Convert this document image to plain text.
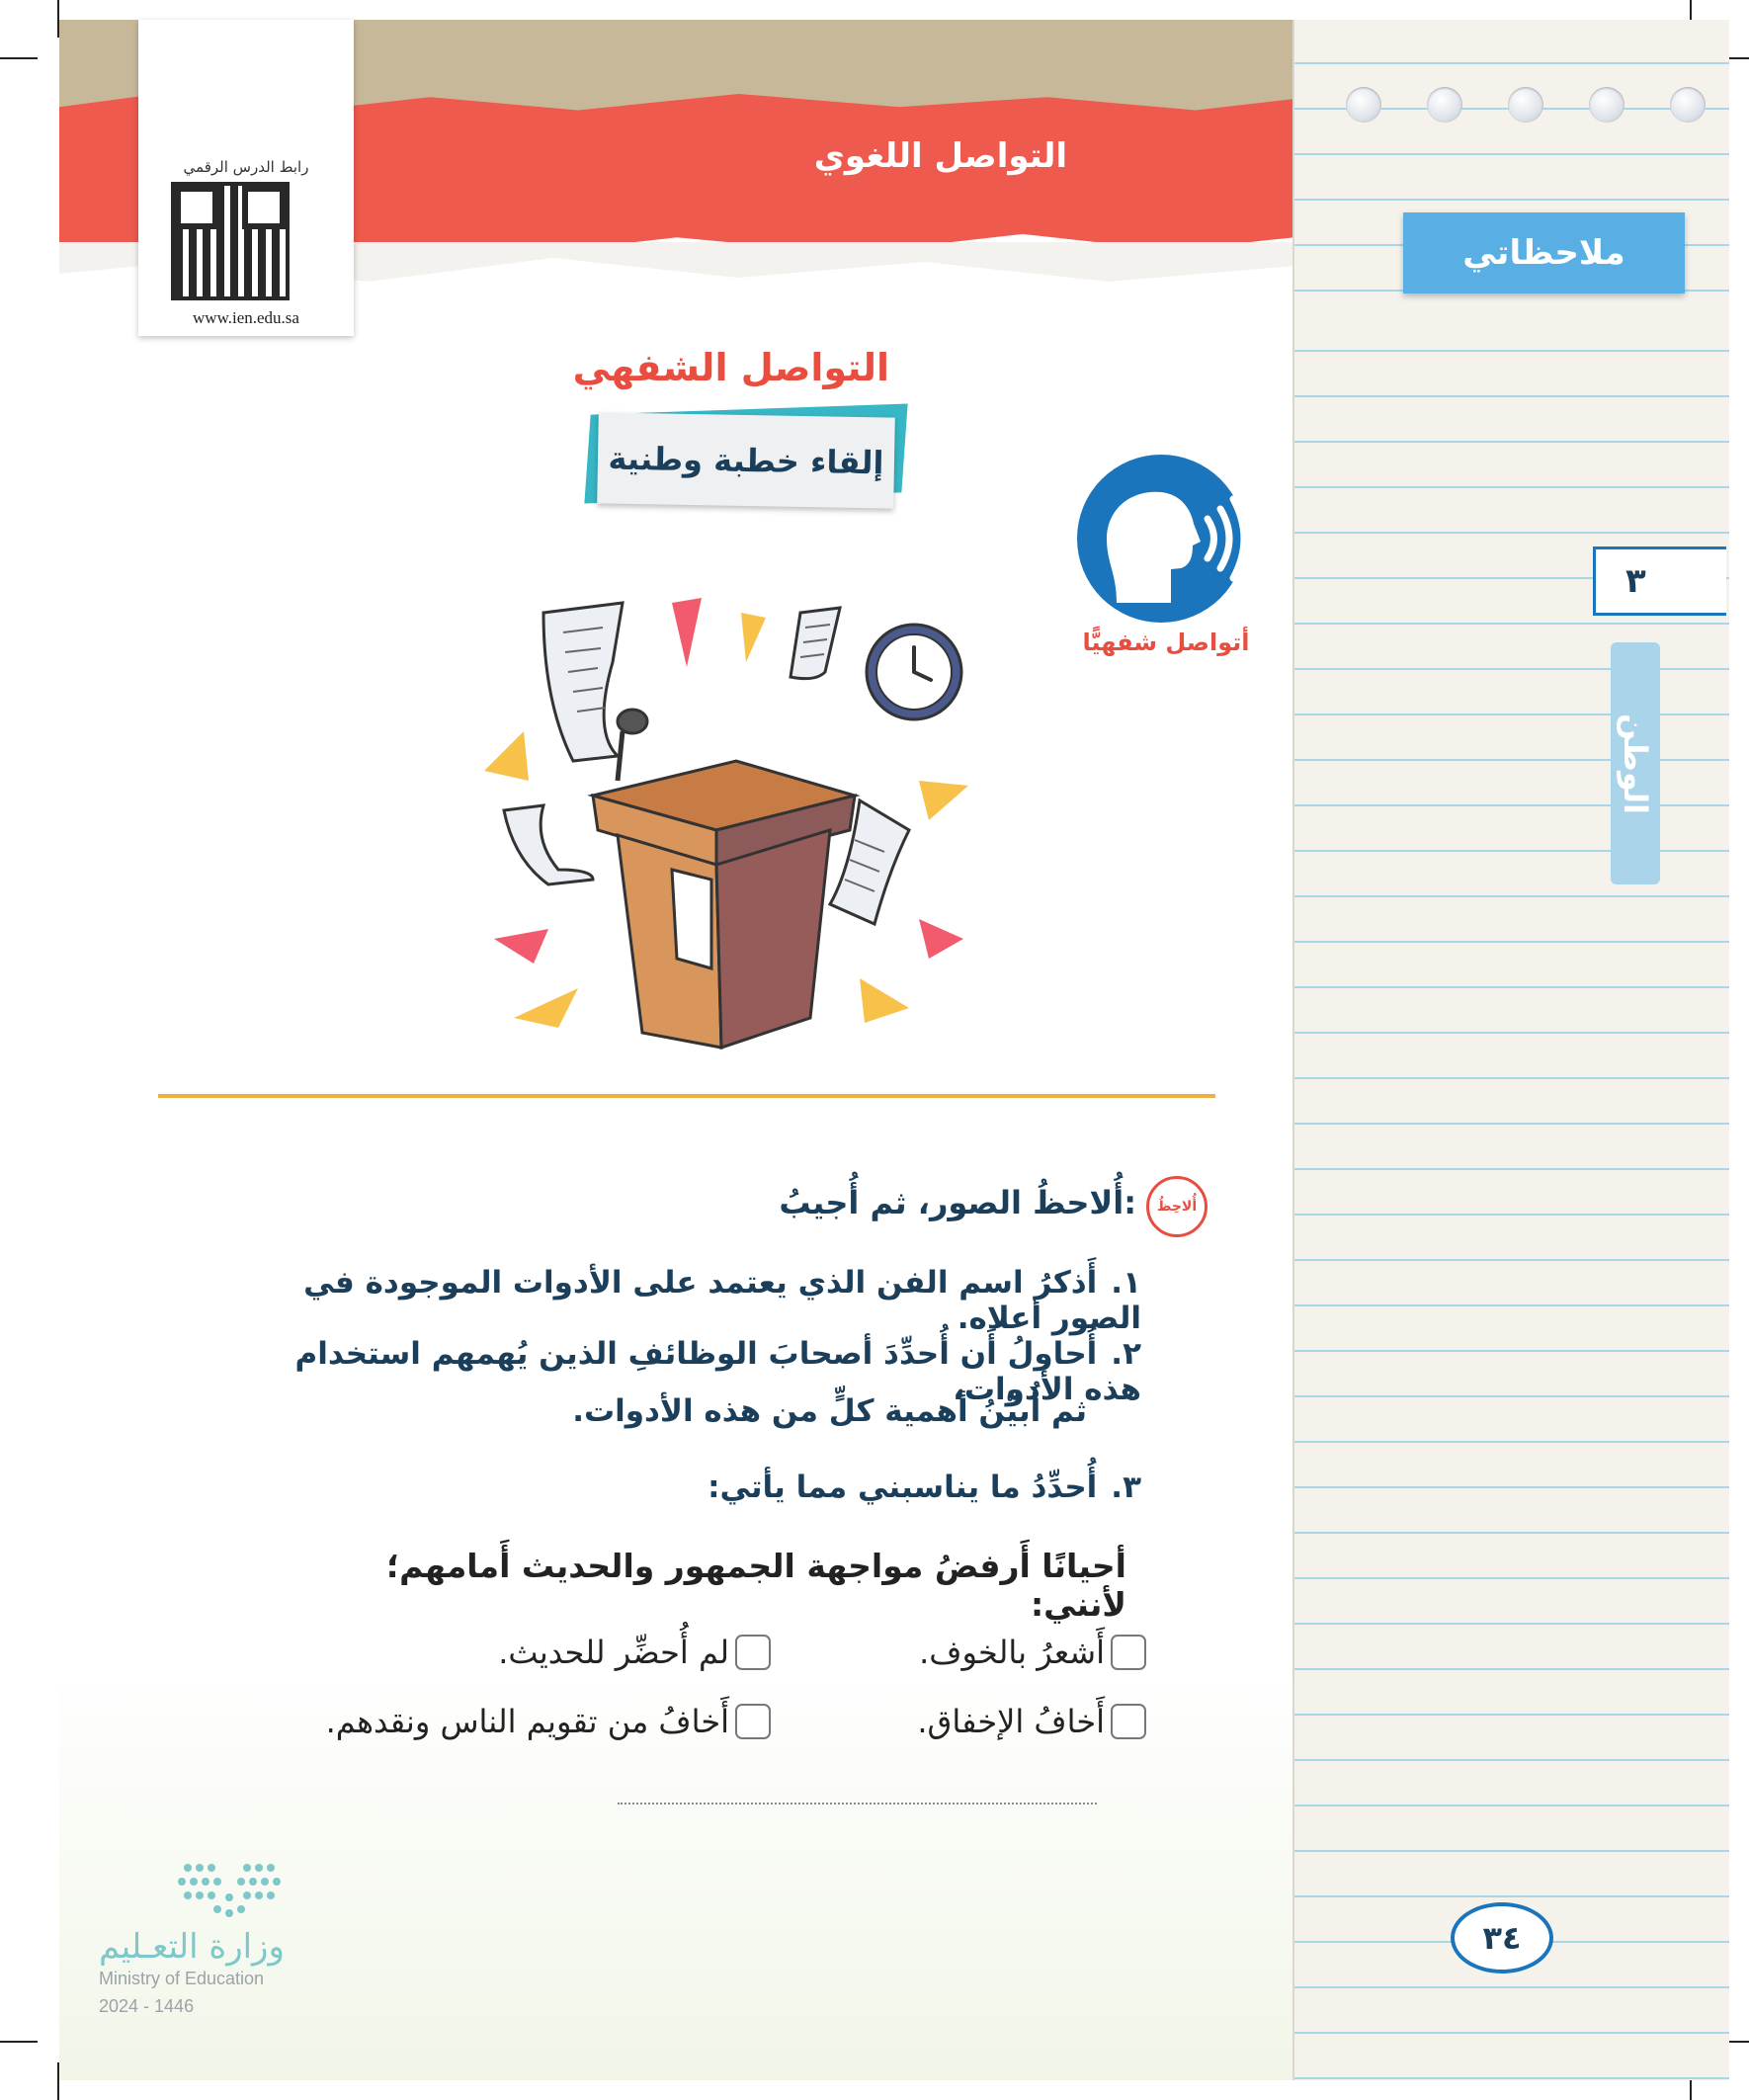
التواصل اللغوي
رابط الدرس الرقمي
www.ien.edu.sa
التواصل الشفهي
إلقاء خطبة وطنية
أتواصل شفهيًّا
أُلاحِظُ
أُلاحظُ الصور، ثم أُجيبُ:
١.أَذكرُ اسم الفن الذي يعتمد على الأدوات الموجودة في الصور أعلاه.
٢.أُحاولُ أَن أُحدِّدَ أصحابَ الوظائفِ الذين يُهمهم استخدام هذه الأدوات،
ثم أُبيِّنُ أهمية كلٍّ من هذه الأدوات.
٣.أُحدِّدُ ما يناسبني مما يأتي:
أحيانًا أَرفضُ مواجهة الجمهور والحديث أَمامهم؛ لأنني:
أَشعرُ بالخوف.
لم أُحضِّر للحديث.
أَخافُ الإخفاق.
أَخافُ من تقويم الناس ونقدهم.
وزارة التعـليم
Ministry of Education
2024 - 1446
ملاحظاتي
٣
الوطن
٣٤
